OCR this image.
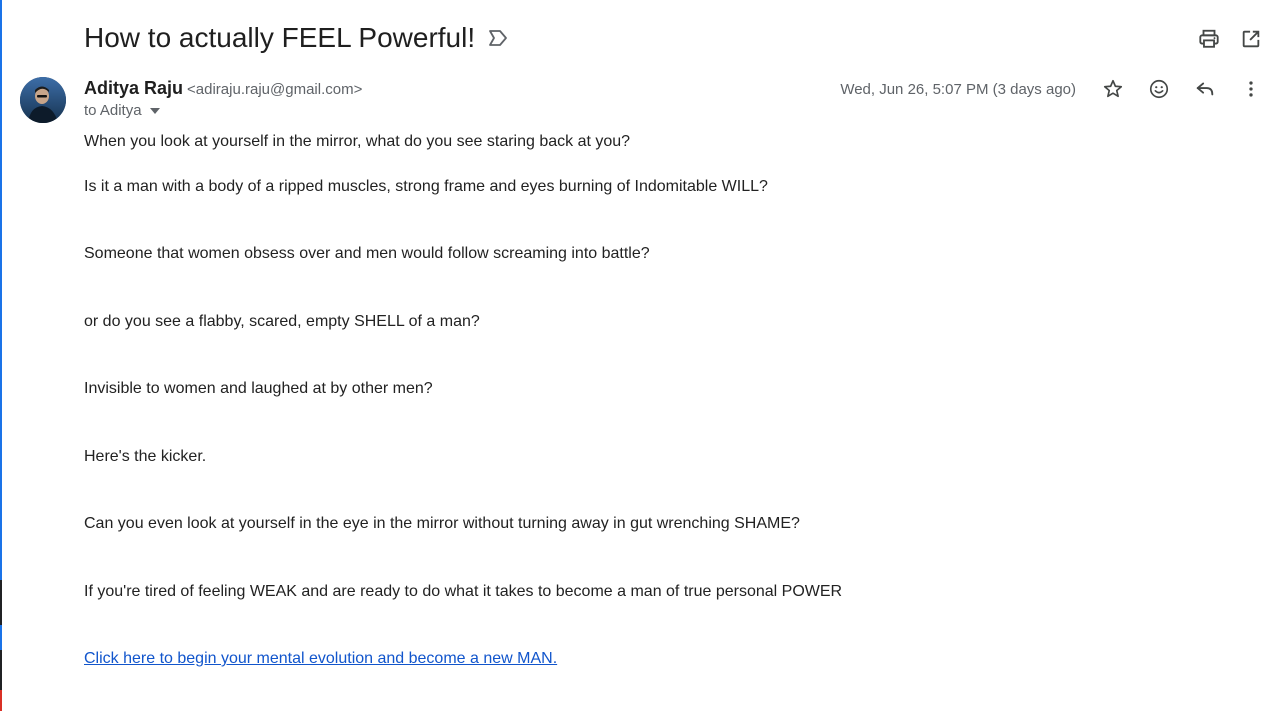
How to actually FEEL Powerful!
Aditya Raju <adiraju.raju@gmail.com>
to Aditya
Wed, Jun 26, 5:07 PM (3 days ago)

When you look at yourself in the mirror, what do you see staring back at you?

Is it a man with a body of a ripped muscles, strong frame and eyes burning of Indomitable WILL?

Someone that women obsess over and men would follow screaming into battle?

or do you see a flabby, scared, empty SHELL of a man?

Invisible to women and laughed at by other men?

Here's the kicker.

Can you even look at yourself in the eye in the mirror without turning away in gut wrenching SHAME?

If you're tired of feeling WEAK and are ready to do what it takes to become a man of true personal POWER

Click here to begin your mental evolution and become a new MAN.
